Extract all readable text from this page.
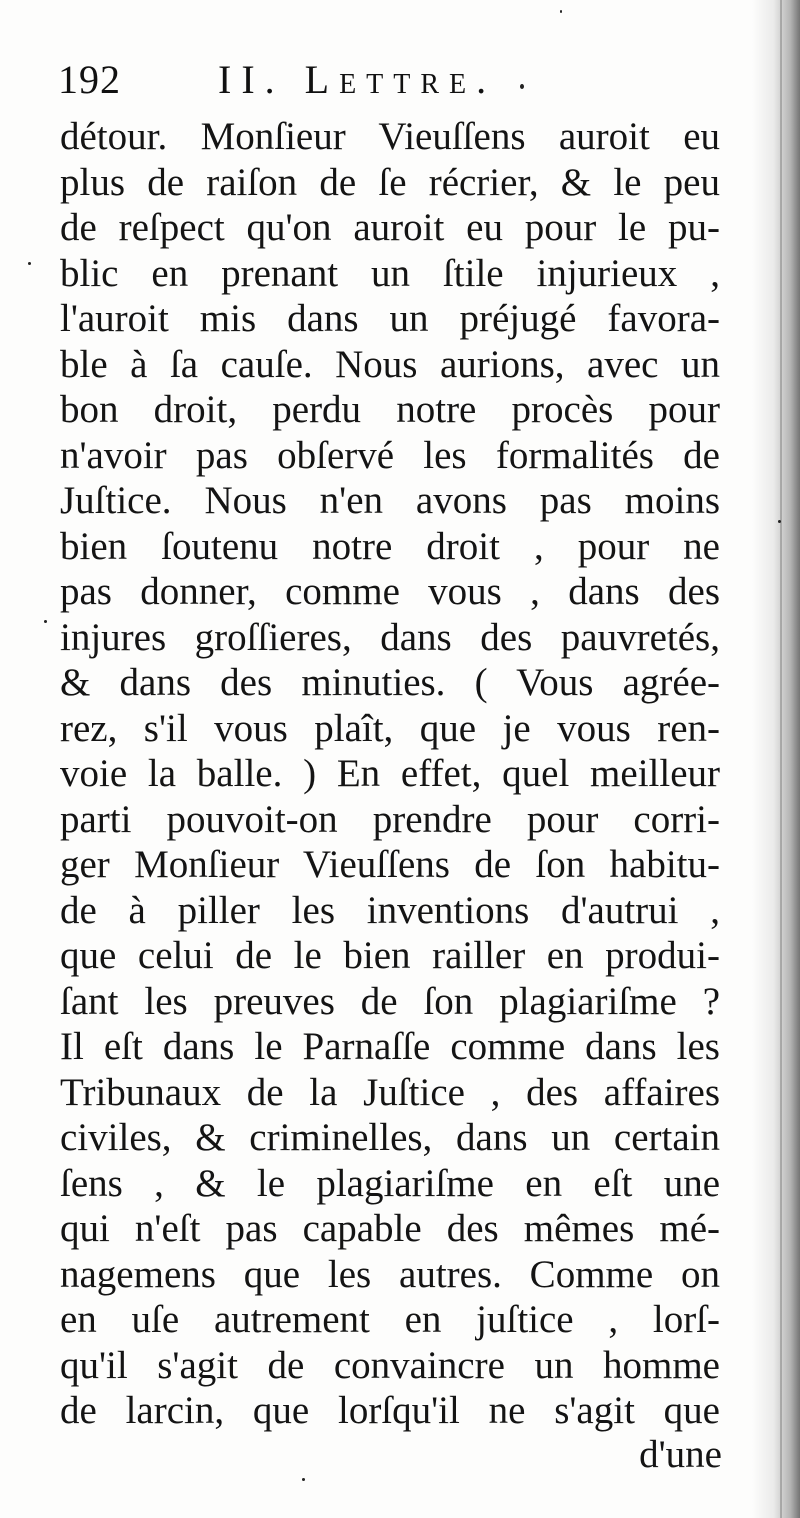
192 II. Lettre.
détour. Monſieur Vieuſſens auroit eu
plus de raiſon de ſe récrier, & le peu
de reſpect qu'on auroit eu pour le pu-
blic en prenant un ſtile injurieux ,
l'auroit mis dans un préjugé favora-
ble à ſa cauſe. Nous aurions, avec un
bon droit, perdu notre procès pour
n'avoir pas obſervé les formalités de
Juſtice. Nous n'en avons pas moins
bien ſoutenu notre droit , pour ne
pas donner, comme vous , dans des
injures groſſieres, dans des pauvretés,
& dans des minuties. ( Vous agrée-
rez, s'il vous plaît, que je vous ren-
voie la balle. ) En effet, quel meilleur
parti pouvoit-on prendre pour corri-
ger Monſieur Vieuſſens de ſon habitu-
de à piller les inventions d'autrui ,
que celui de le bien railler en produi-
ſant les preuves de ſon plagiariſme ?
Il eſt dans le Parnaſſe comme dans les
Tribunaux de la Juſtice , des affaires
civiles, & criminelles, dans un certain
ſens , & le plagiariſme en eſt une
qui n'eſt pas capable des mêmes mé-
nagemens que les autres. Comme on
en uſe autrement en juſtice , lorſ-
qu'il s'agit de convaincre un homme
de larcin, que lorſqu'il ne s'agit que
d'une
